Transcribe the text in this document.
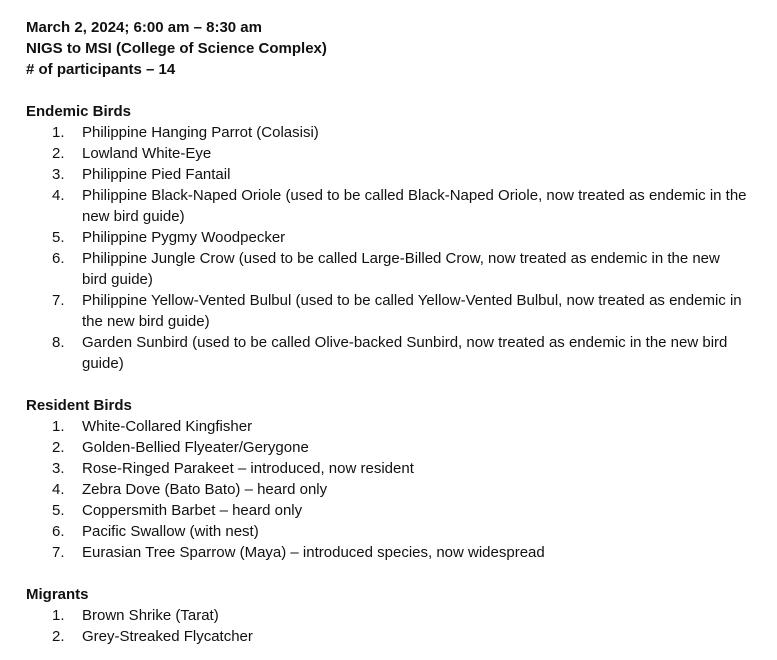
March 2, 2024; 6:00 am – 8:30 am
NIGS to MSI (College of Science Complex)
# of participants – 14
Endemic Birds
1.	Philippine Hanging Parrot (Colasisi)
2.	Lowland White-Eye
3.	Philippine Pied Fantail
4.	Philippine Black-Naped Oriole (used to be called Black-Naped Oriole, now treated as endemic in the new bird guide)
5.	Philippine Pygmy Woodpecker
6.	Philippine Jungle Crow (used to be called Large-Billed Crow, now treated as endemic in the new bird guide)
7.	Philippine Yellow-Vented Bulbul (used to be called Yellow-Vented Bulbul, now treated as endemic in the new bird guide)
8.	Garden Sunbird (used to be called Olive-backed Sunbird, now treated as endemic in the new bird guide)
Resident Birds
1.	White-Collared Kingfisher
2.	Golden-Bellied Flyeater/Gerygone
3.	Rose-Ringed Parakeet – introduced, now resident
4.	Zebra Dove (Bato Bato) – heard only
5.	Coppersmith Barbet – heard only
6.	Pacific Swallow (with nest)
7.	Eurasian Tree Sparrow (Maya) – introduced species, now widespread
Migrants
1.	Brown Shrike (Tarat)
2.	Grey-Streaked Flycatcher
